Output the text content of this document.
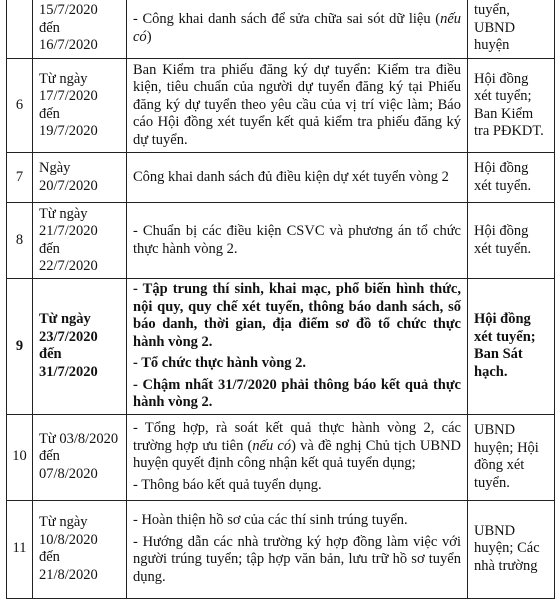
	15/7/2020 đến 16/7/2020	- Công khai danh sách để sửa chữa sai sót dữ liệu (nếu có)	tuyển, UBND huyện
6	Từ ngày 17/7/2020 đến 19/7/2020	Ban Kiểm tra phiếu đăng ký dự tuyển: Kiểm tra điều kiện, tiêu chuẩn của người dự tuyển đăng ký tại Phiếu đăng ký dự tuyển theo yêu cầu của vị trí việc làm; Báo cáo Hội đồng xét tuyển kết quả kiểm tra phiếu đăng ký dự tuyển.	Hội đồng xét tuyển; Ban Kiểm tra PĐKDT.
7	Ngày 20/7/2020	Công khai danh sách đủ điều kiện dự xét tuyển vòng 2	Hội đồng xét tuyển.
8	Từ ngày 21/7/2020 đến 22/7/2020	- Chuẩn bị các điều kiện CSVC và phương án tổ chức thực hành vòng 2.	Hội đồng xét tuyển.
9	Từ ngày 23/7/2020 đến 31/7/2020	- Tập trung thí sinh, khai mạc, phổ biến hình thức, nội quy, quy chế xét tuyển, thông báo danh sách, số báo danh, thời gian, địa điểm sơ đồ tổ chức thực hành vòng 2.
- Tổ chức thực hành vòng 2.
- Chậm nhất 31/7/2020 phải thông báo kết quả thực hành vòng 2.	Hội đồng xét tuyển; Ban Sát hạch.
10	Từ 03/8/2020 đến 07/8/2020	- Tổng hợp, rà soát kết quả thực hành vòng 2, các trường hợp ưu tiên (nếu có) và đề nghị Chủ tịch UBND huyện quyết định công nhận kết quả tuyển dụng;
- Thông báo kết quả tuyển dụng.	UBND huyện; Hội đồng xét tuyển.
11	Từ ngày 10/8/2020 đến 21/8/2020	- Hoàn thiện hồ sơ của các thí sinh trúng tuyển.
- Hướng dẫn các nhà trường ký hợp đồng làm việc với người trúng tuyển; tập hợp văn bản, lưu trữ hồ sơ tuyển dụng.	UBND huyện; Các nhà trường
